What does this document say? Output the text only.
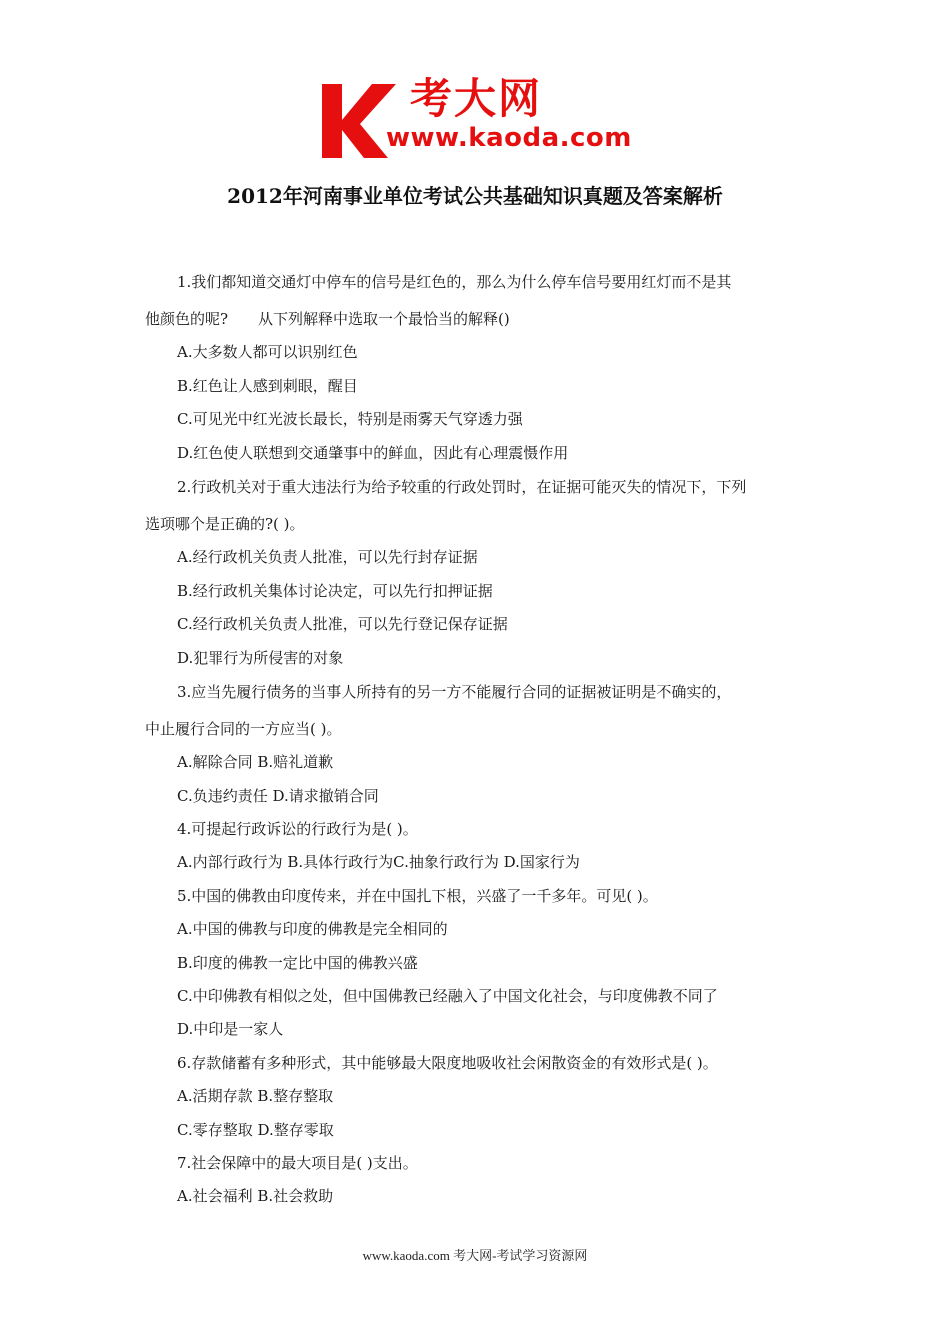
考大网
www.kaoda.com
2012年河南事业单位考试公共基础知识真题及答案解析
1.我们都知道交通灯中停车的信号是红色的，那么为什么停车信号要用红灯而不是其
他颜色的呢?　　从下列解释中选取一个最恰当的解释()
A.大多数人都可以识别红色
B.红色让人感到刺眼，醒目
C.可见光中红光波长最长，特别是雨雾天气穿透力强
D.红色使人联想到交通肇事中的鲜血，因此有心理震慑作用
2.行政机关对于重大违法行为给予较重的行政处罚时，在证据可能灭失的情况下，下列
选项哪个是正确的?( )。
A.经行政机关负责人批准，可以先行封存证据
B.经行政机关集体讨论决定，可以先行扣押证据
C.经行政机关负责人批准，可以先行登记保存证据
D.犯罪行为所侵害的对象
3.应当先履行债务的当事人所持有的另一方不能履行合同的证据被证明是不确实的，
中止履行合同的一方应当( )。
A.解除合同 B.赔礼道歉
C.负违约责任 D.请求撤销合同
4.可提起行政诉讼的行政行为是( )。
A.内部行政行为 B.具体行政行为C.抽象行政行为 D.国家行为
5.中国的佛教由印度传来，并在中国扎下根，兴盛了一千多年。可见( )。
A.中国的佛教与印度的佛教是完全相同的
B.印度的佛教一定比中国的佛教兴盛
C.中印佛教有相似之处，但中国佛教已经融入了中国文化社会，与印度佛教不同了
D.中印是一家人
6.存款储蓄有多种形式，其中能够最大限度地吸收社会闲散资金的有效形式是( )。
A.活期存款 B.整存整取
C.零存整取 D.整存零取
7.社会保障中的最大项目是( )支出。
A.社会福利 B.社会救助
www.kaoda.com 考大网-考试学习资源网
